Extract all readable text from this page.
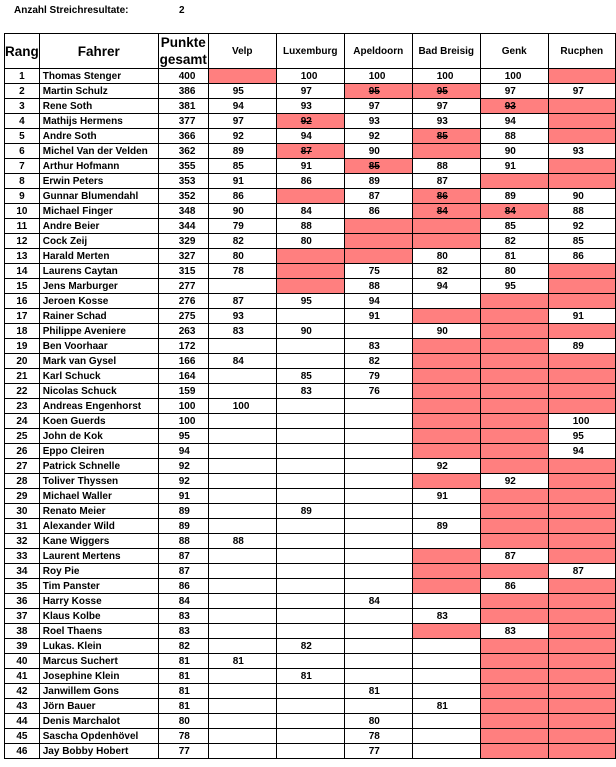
Anzahl Streichresultate:	2
Rang	Fahrer	Punkte gesamt	Velp	Luxemburg	Apeldoorn	Bad Breisig	Genk	Rucphen
1	Thomas Stenger	400		100	100	100	100	
2	Martin Schulz	386	95	97	95	95	97	97
3	Rene Soth	381	94	93	97	97	93	
4	Mathijs Hermens	377	97	92	93	93	94	
5	Andre Soth	366	92	94	92	85	88	
6	Michel Van der Velden	362	89	87	90		90	93
7	Arthur Hofmann	355	85	91	85	88	91	
8	Erwin Peters	353	91	86	89	87		
9	Gunnar Blumendahl	352	86		87	86	89	90
10	Michael Finger	348	90	84	86	84	84	88
11	Andre Beier	344	79	88			85	92
12	Cock Zeij	329	82	80			82	85
13	Harald Merten	327	80			80	81	86
14	Laurens Caytan	315	78		75	82	80	
15	Jens Marburger	277			88	94	95	
16	Jeroen Kosse	276	87	95	94			
17	Rainer Schad	275	93		91			91
18	Philippe Aveniere	263	83	90		90		
19	Ben Voorhaar	172			83			89
20	Mark van Gysel	166	84		82			
21	Karl Schuck	164		85	79			
22	Nicolas Schuck	159		83	76			
23	Andreas Engenhorst	100	100					
24	Koen Guerds	100						100
25	John de Kok	95						95
26	Eppo Cleiren	94						94
27	Patrick Schnelle	92				92		
28	Toliver Thyssen	92					92	
29	Michael Waller	91				91		
30	Renato Meier	89		89				
31	Alexander Wild	89				89		
32	Kane Wiggers	88	88					
33	Laurent Mertens	87					87	
34	Roy Pie	87						87
35	Tim Panster	86					86	
36	Harry Kosse	84			84			
37	Klaus Kolbe	83				83		
38	Roel Thaens	83					83	
39	Lukas. Klein	82		82				
40	Marcus Suchert	81	81					
41	Josephine Klein	81		81				
42	Janwillem Gons	81			81			
43	Jörn Bauer	81				81		
44	Denis Marchalot	80			80			
45	Sascha Opdenhövel	78			78			
46	Jay Bobby Hobert	77			77			
